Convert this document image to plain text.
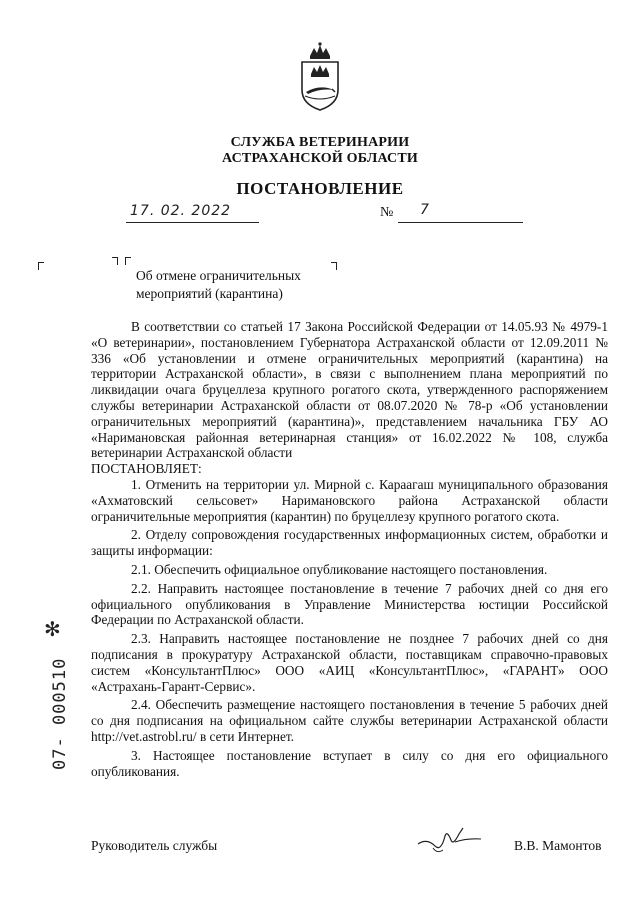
СЛУЖБА ВЕТЕРИНАРИИ
АСТРАХАНСКОЙ ОБЛАСТИ
ПОСТАНОВЛЕНИЕ
17. 02. 2022	№ 7
Об отмене ограничительных
мероприятий (карантина)

В соответствии со статьей 17 Закона Российской Федерации от 14.05.93 № 4979-1 «О ветеринарии», постановлением Губернатора Астраханской области от 12.09.2011 № 336 «Об установлении и отмене ограничительных мероприятий (карантина) на территории Астраханской области», в связи с выполнением плана мероприятий по ликвидации очага бруцеллеза крупного рогатого скота, утвержденного распоряжением службы ветеринарии Астраханской области от 08.07.2020 № 78-р «Об установлении ограничительных мероприятий (карантина)», представлением начальника ГБУ АО «Наримановская районная ветеринарная станция» от 16.02.2022 № 108, служба ветеринарии Астраханской области

ПОСТАНОВЛЯЕТ:

1. Отменить на территории ул. Мирной с. Караагаш муниципального образования «Ахматовский сельсовет» Наримановского района Астраханской области ограничительные мероприятия (карантин) по бруцеллезу крупного рогатого скота.

2. Отделу сопровождения государственных информационных систем, обработки и защиты информации:

2.1. Обеспечить официальное опубликование настоящего постановления.

2.2. Направить настоящее постановление в течение 7 рабочих дней со дня его официального опубликования в Управление Министерства юстиции Российской Федерации по Астраханской области.

2.3. Направить настоящее постановление не позднее 7 рабочих дней со дня подписания в прокуратуру Астраханской области, поставщикам справочно-правовых систем «КонсультантПлюс» ООО «АИЦ «КонсультантПлюс», «ГАРАНТ» ООО «Астрахань-Гарант-Сервис».

2.4. Обеспечить размещение настоящего постановления в течение 5 рабочих дней со дня подписания на официальном сайте службы ветеринарии Астраханской области http://vet.astrobl.ru/ в сети Интернет.

3. Настоящее постановление вступает в силу со дня его официального опубликования.

Руководитель службы	В.В. Мамонтов
✻
07- 000510
